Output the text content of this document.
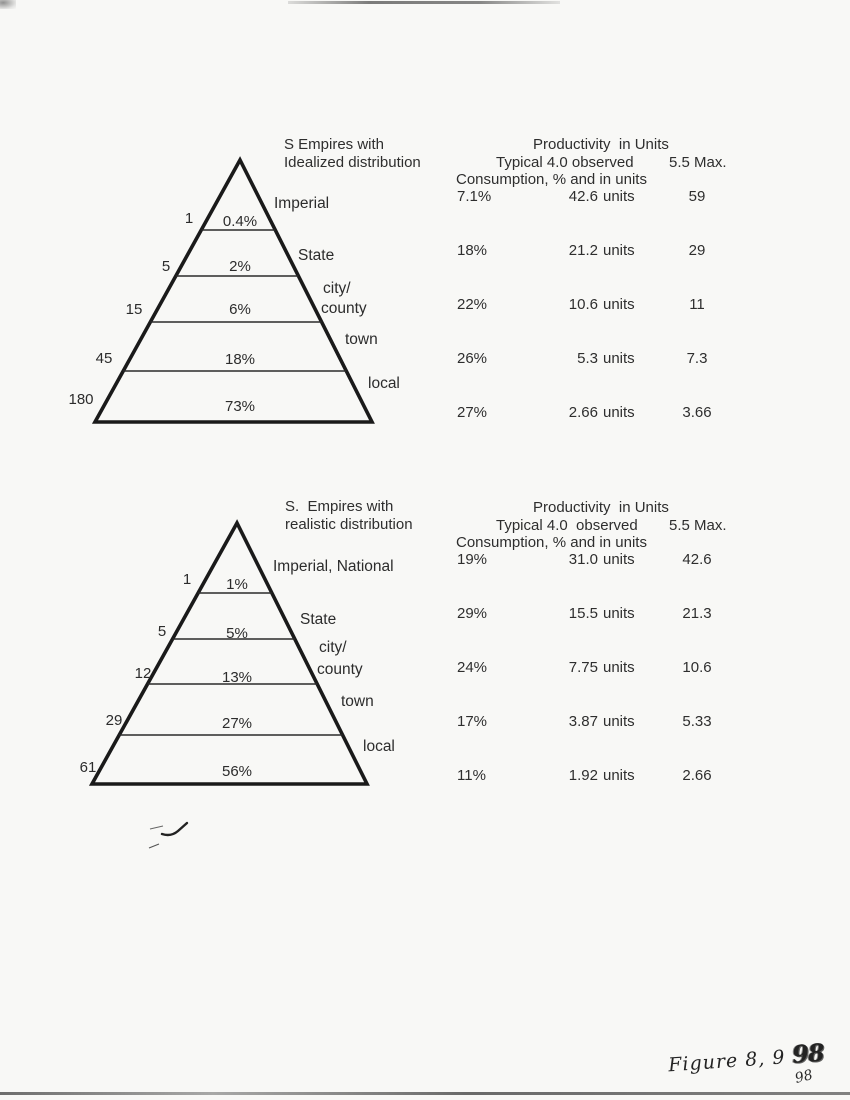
S Empires with
Idealized distribution
0.4%
2%
6%
18%
73%
1
5
15
45
180
Imperial
State
city/
county
town
local
Productivity  in Units
Typical 4.0 observed 5.5 Max.
Consumption, % and in units
7.1%	42.6 units	59
18%	21.2 units	29
22%	10.6 units	11
26%	5.3 units	7.3
27%	2.66 units	3.66
S.  Empires with
realistic distribution
1%
5%
13%
27%
56%
1
5
12
29
61
Imperial, National
State
city/
county
town
local
Productivity  in Units
Typical 4.0  observed 5.5 Max.
Consumption, % and in units
19%	31.0 units	42.6
29%	15.5 units	21.3
24%	7.75 units	10.6
17%	3.87 units	5.33
11%	1.92 units	2.66
Figure 8, 9 98
98
